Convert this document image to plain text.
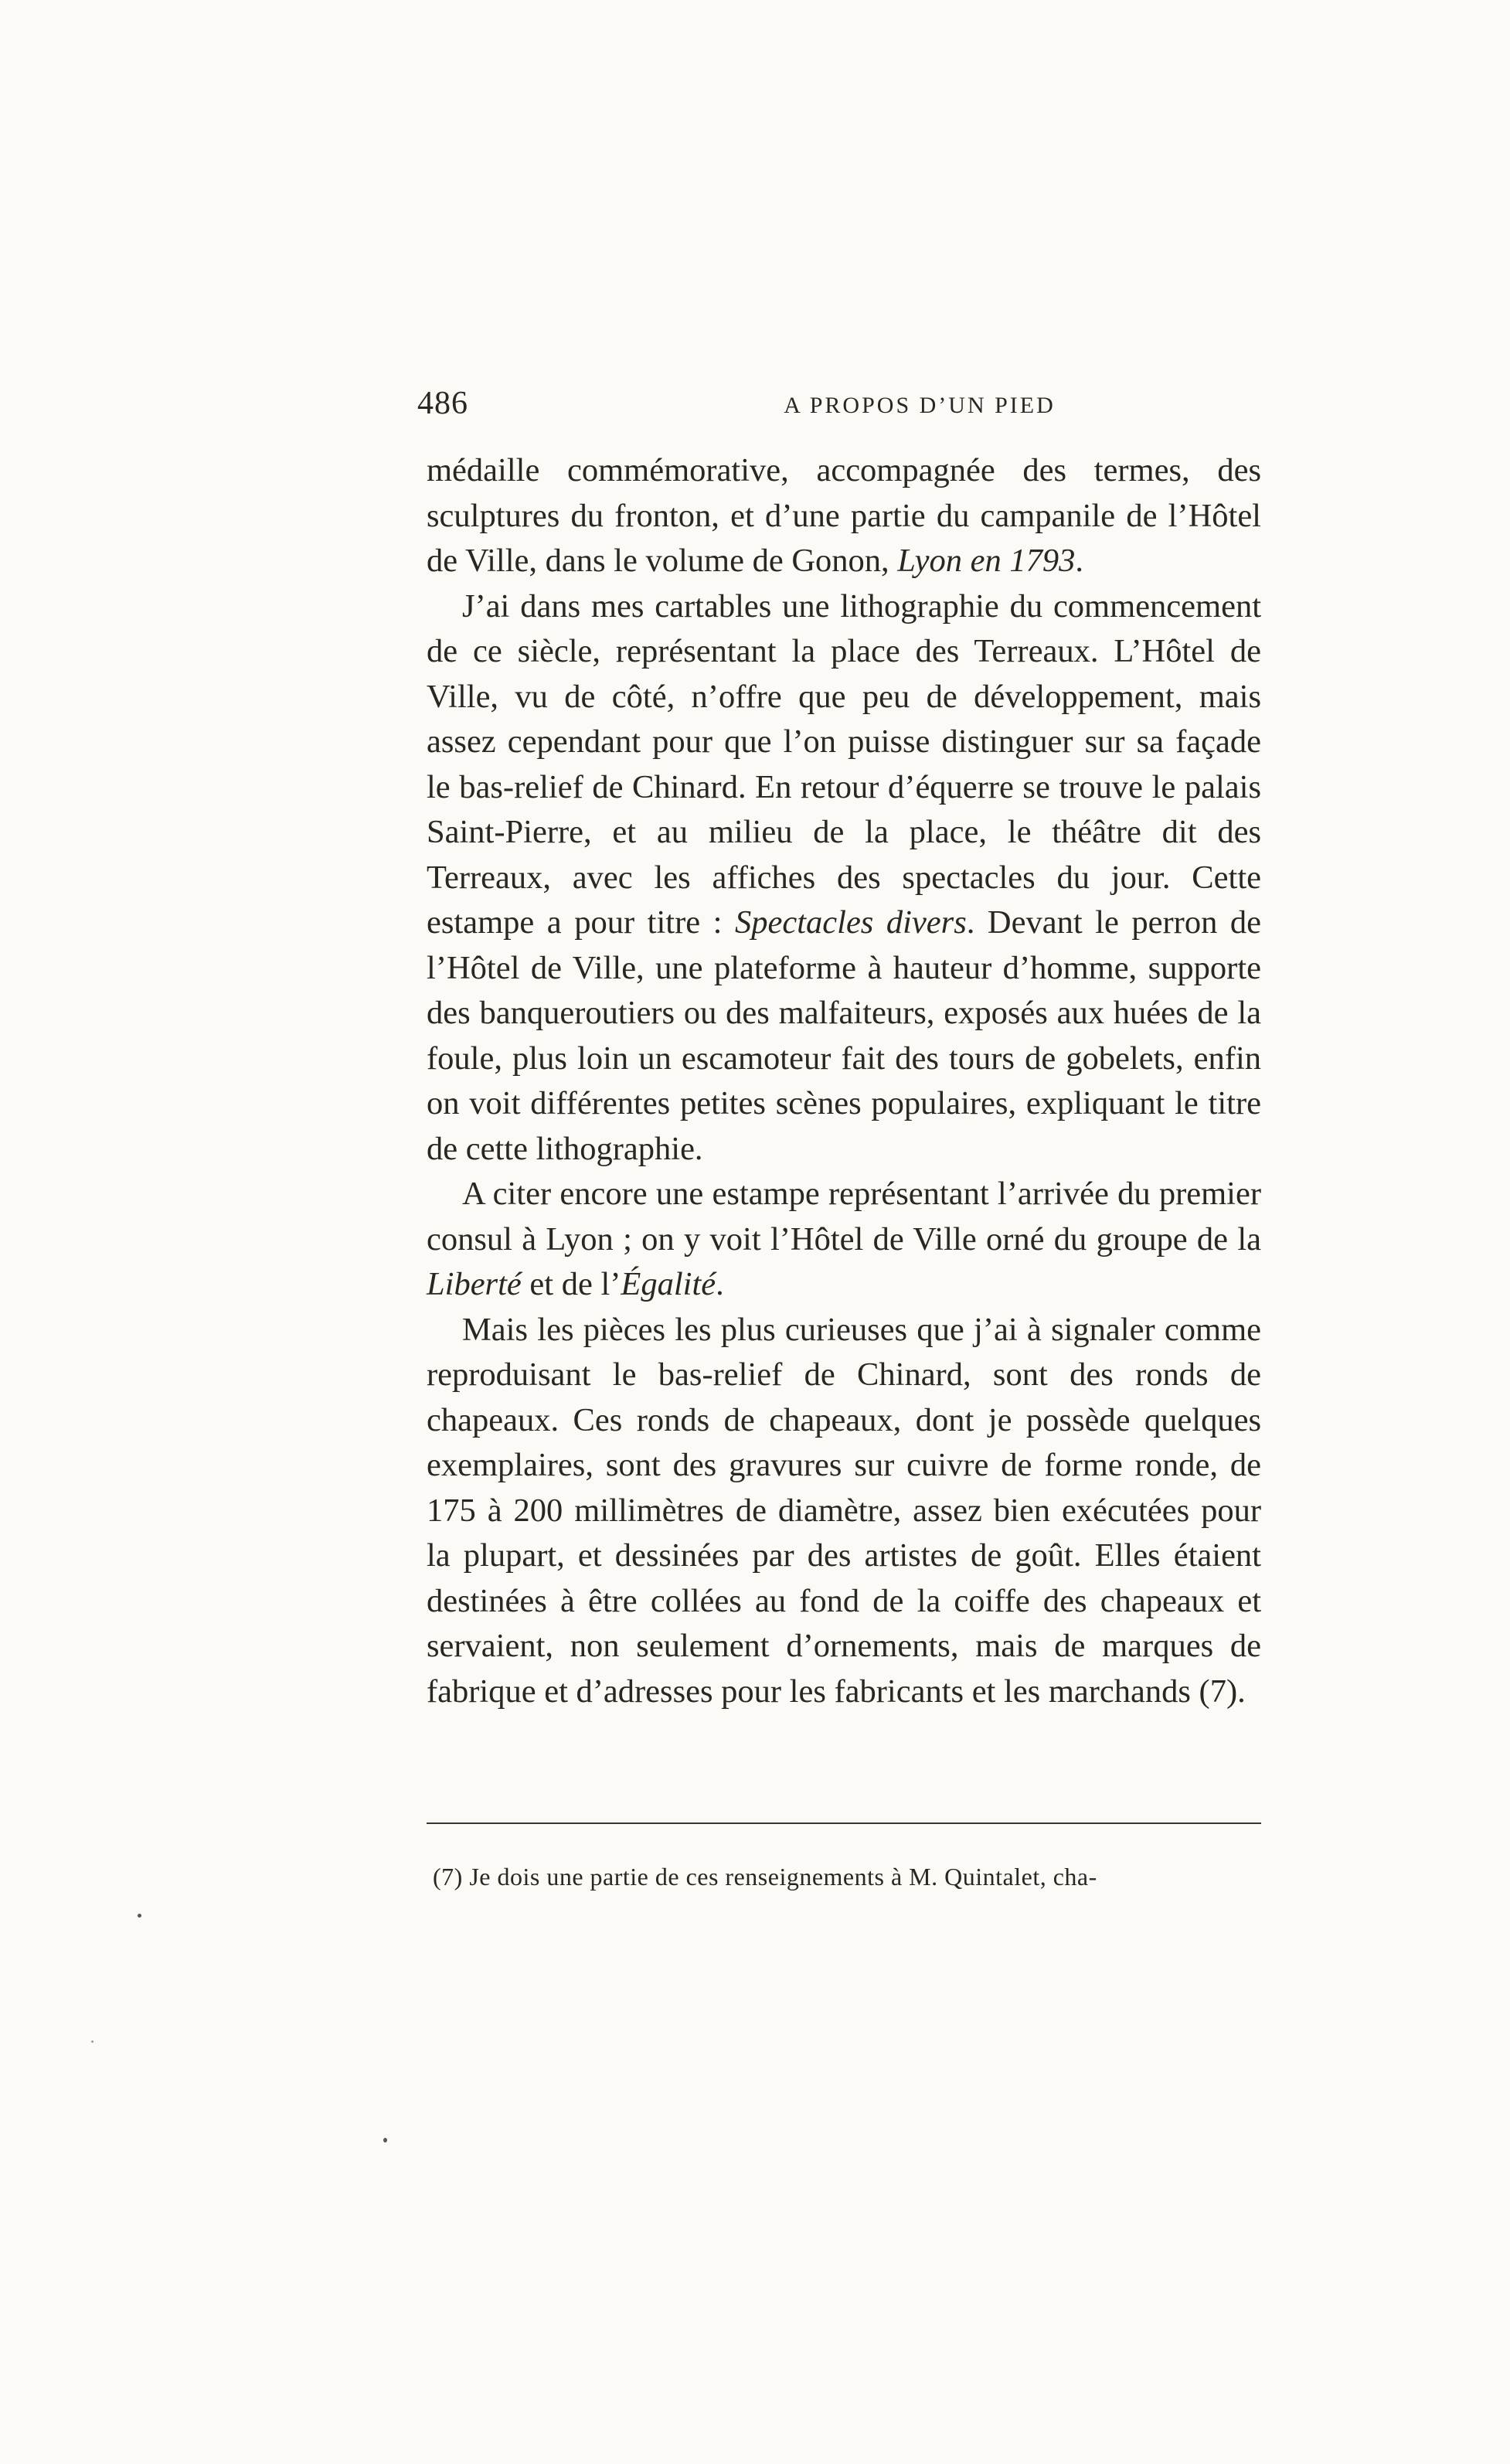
486	A PROPOS D’UN PIED

médaille commémorative, accompagnée des termes, des sculptures du fronton, et d’une partie du campanile de l’Hôtel de Ville, dans le volume de Gonon, Lyon en 1793.

J’ai dans mes cartables une lithographie du commencement de ce siècle, représentant la place des Terreaux. L’Hôtel de Ville, vu de côté, n’offre que peu de développement, mais assez cependant pour que l’on puisse distinguer sur sa façade le bas-relief de Chinard. En retour d’équerre se trouve le palais Saint-Pierre, et au milieu de la place, le théâtre dit des Terreaux, avec les affiches des spectacles du jour. Cette estampe a pour titre : Spectacles divers. Devant le perron de l’Hôtel de Ville, une plateforme à hauteur d’homme, supporte des banqueroutiers ou des malfaiteurs, exposés aux huées de la foule, plus loin un escamoteur fait des tours de gobelets, enfin on voit différentes petites scènes populaires, expliquant le titre de cette lithographie.

A citer encore une estampe représentant l’arrivée du premier consul à Lyon ; on y voit l’Hôtel de Ville orné du groupe de la Liberté et de l’Égalité.

Mais les pièces les plus curieuses que j’ai à signaler comme reproduisant le bas-relief de Chinard, sont des ronds de chapeaux. Ces ronds de chapeaux, dont je possède quelques exemplaires, sont des gravures sur cuivre de forme ronde, de 175 à 200 millimètres de diamètre, assez bien exécutées pour la plupart, et dessinées par des artistes de goût. Elles étaient destinées à être collées au fond de la coiffe des chapeaux et servaient, non seulement d’ornements, mais de marques de fabrique et d’adresses pour les fabricants et les marchands (7).

(7) Je dois une partie de ces renseignements à M. Quintalet, cha-
